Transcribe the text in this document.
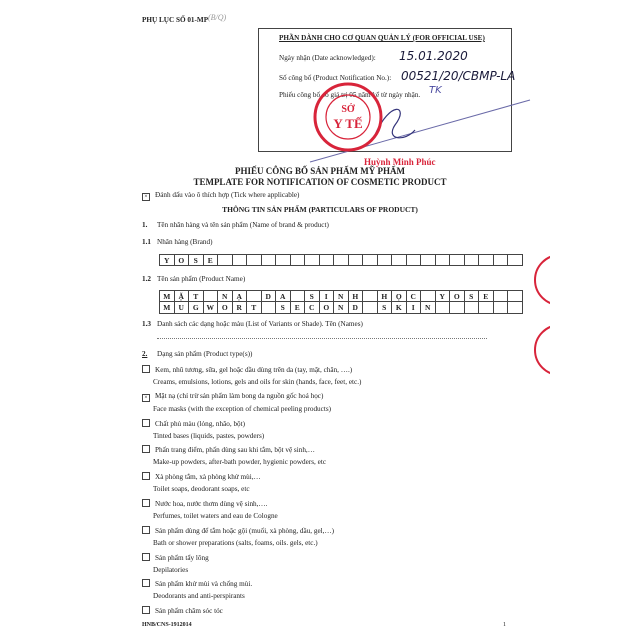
PHỤ LỤC SỐ 01-MP (B/Q)
PHẦN DÀNH CHO CƠ QUAN QUẢN LÝ (FOR OFFICIAL USE)
Ngày nhận (Date acknowledged): 15.01.2020
Số công bố (Product Notification No.): 00521/20/CBMP-LA
Phiếu công bố có giá trị 05 năm kể từ ngày nhận. TK
SỞ
Y TẾ
Huỳnh Minh Phúc
PHIẾU CÔNG BỐ SẢN PHẨM MỸ PHẨM
TEMPLATE FOR NOTIFICATION OF COSMETIC PRODUCT
× Đánh dấu vào ô thích hợp (Tick where applicable)
THÔNG TIN SẢN PHẨM (PARTICULARS OF PRODUCT)
1. Tên nhãn hàng và tên sản phẩm (Name of brand & product)
1.1 Nhãn hàng (Brand)
Y	O	S	E
1.2 Tên sản phẩm (Product Name)
M	Ặ	T	N	Ạ	D	A	S	I	N	H	H	Ọ	C	Y	O	S	E
M	U	G	W	O	R	T	S	E	C	O	N	D	S	K	I	N
1.3 Danh sách các dạng hoặc màu (List of Variants or Shade). Tên (Names)
2. Dạng sản phẩm (Product type(s))
Kem, nhũ tương, sữa, gel hoặc dầu dùng trên da (tay, mặt, chân, ….)
Creams, emulsions, lotions, gels and oils for skin (hands, face, feet, etc.)
× Mặt nạ (chỉ trừ sản phẩm làm bong da nguồn gốc hoá học)
Face masks (with the exception of chemical peeling products)
Chất phủ màu (lỏng, nhão, bột)
Tinted bases (liquids, pastes, powders)
Phấn trang điểm, phấn dùng sau khi tắm, bột vệ sinh,…
Make-up powders, after-bath powder, hygienic powders, etc
Xà phòng tắm, xà phòng khử mùi,…
Toilet soaps, deodorant soaps, etc
Nước hoa, nước thơm dùng vệ sinh,….
Perfumes, toilet waters and eau de Cologne
Sản phẩm dùng để tắm hoặc gội (muối, xà phòng, dầu, gel,…)
Bath or shower preparations (salts, foams, oils. gels, etc.)
Sản phẩm tẩy lông
Depilatories
Sản phẩm khử mùi và chống mùi.
Deodorants and anti-perspirants
Sản phẩm chăm sóc tóc
HNB/CNS-1912014	1
